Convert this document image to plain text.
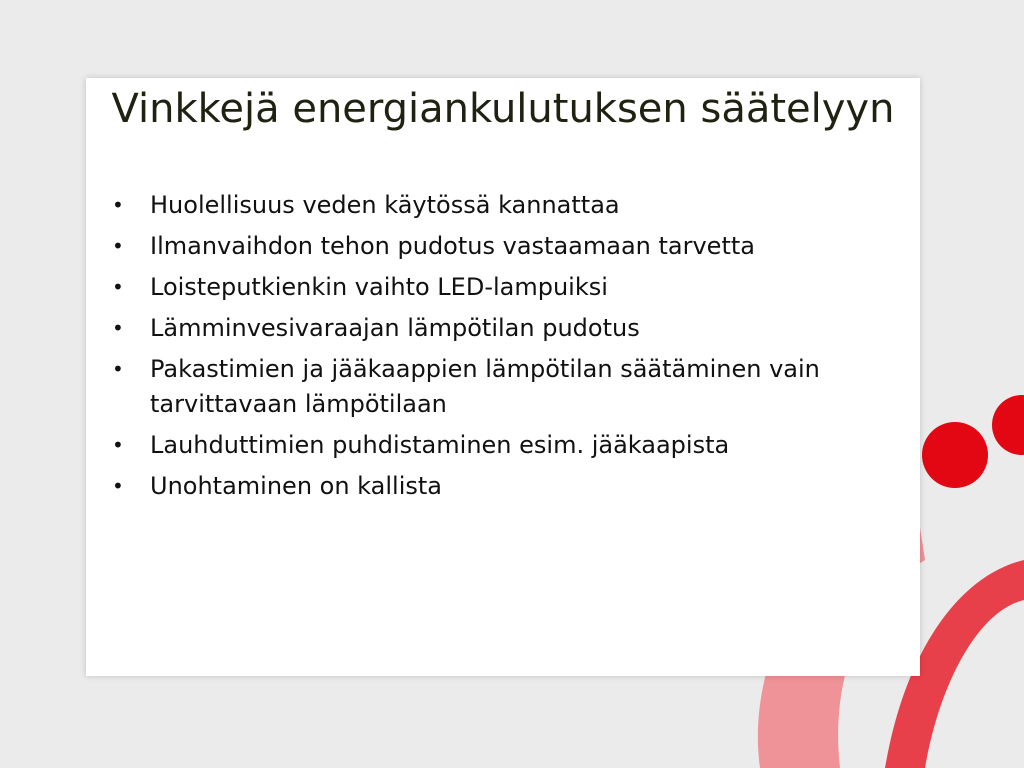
Vinkkejä energiankulutuksen säätelyyn
• Huolellisuus veden käytössä kannattaa
• Ilmanvaihdon tehon pudotus vastaamaan tarvetta
• Loisteputkienkin vaihto LED-lampuiksi
• Lämminvesivaraajan lämpötilan pudotus
• Pakastimien ja jääkaappien lämpötilan säätäminen vain tarvittavaan lämpötilaan
• Lauhduttimien puhdistaminen esim. jääkaapista
• Unohtaminen on kallista
